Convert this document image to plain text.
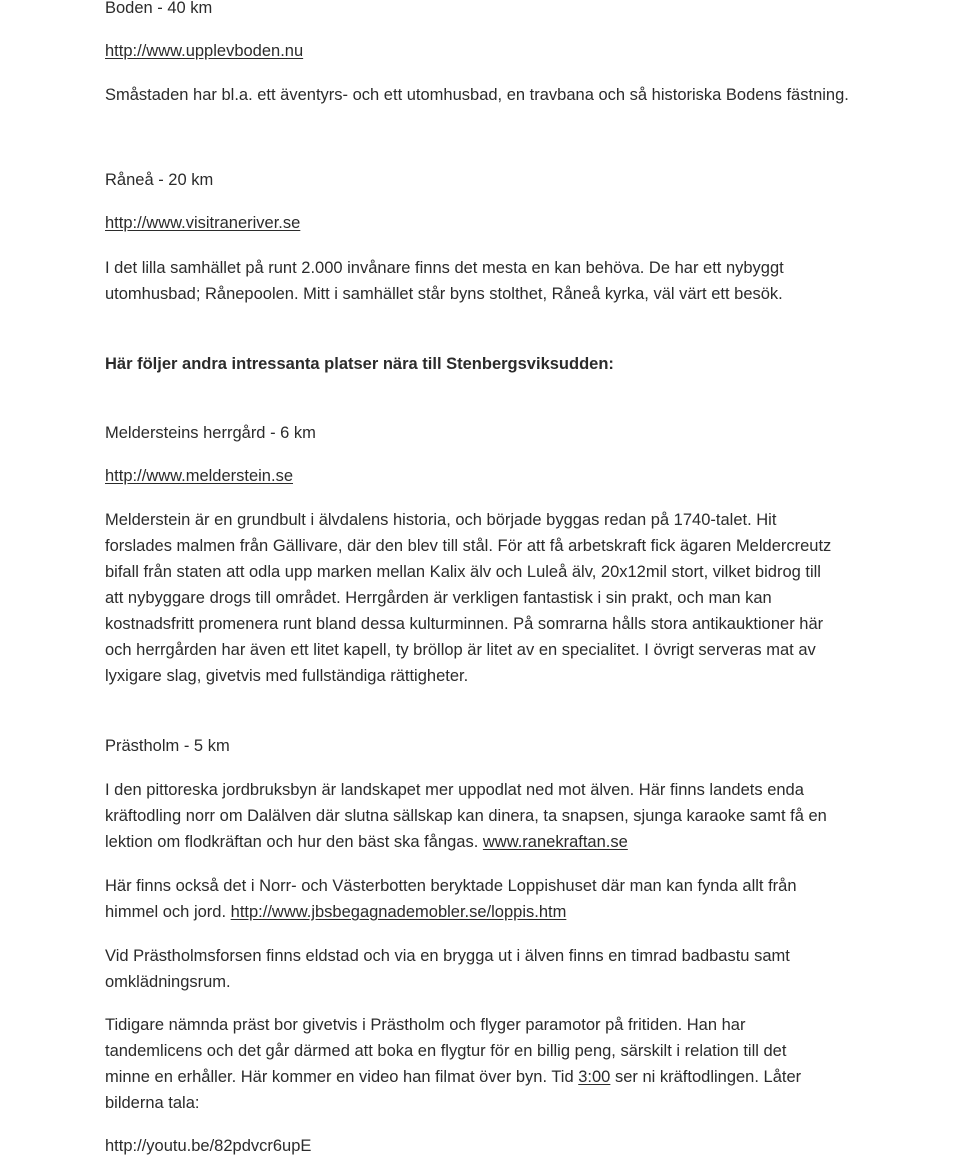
Boden - 40 km
http://www.upplevboden.nu
Småstaden har bl.a. ett äventyrs- och ett utomhusbad, en travbana och så historiska Bodens fästning.
Råneå - 20 km
http://www.visitraneriver.se
I det lilla samhället på runt 2.000 invånare finns det mesta en kan behöva. De har ett nybyggt
utomhusbad; Rånepoolen. Mitt i samhället står byns stolthet, Råneå kyrka, väl värt ett besök.
Här följer andra intressanta platser nära till Stenbergsviksudden:
Meldersteins herrgård - 6 km
http://www.melderstein.se
Melderstein är en grundbult i älvdalens historia, och började byggas redan på 1740-talet. Hit
forslades malmen från Gällivare, där den blev till stål. För att få arbetskraft fick ägaren Meldercreutz
bifall från staten att odla upp marken mellan Kalix älv och Luleå älv, 20x12mil stort, vilket bidrog till
att nybyggare drogs till området. Herrgården är verkligen fantastisk i sin prakt, och man kan
kostnadsfritt promenera runt bland dessa kulturminnen. På somrarna hålls stora antikauktioner här
och herrgården har även ett litet kapell, ty bröllop är litet av en specialitet. I övrigt serveras mat av
lyxigare slag, givetvis med fullständiga rättigheter.
Prästholm - 5 km
I den pittoreska jordbruksbyn är landskapet mer uppodlat ned mot älven. Här finns landets enda
kräftodling norr om Dalälven där slutna sällskap kan dinera, ta snapsen, sjunga karaoke samt få en
lektion om flodkräftan och hur den bäst ska fångas. www.ranekraftan.se
Här finns också det i Norr- och Västerbotten beryktade Loppishuset där man kan fynda allt från
himmel och jord. http://www.jbsbegagnademobler.se/loppis.htm
Vid Prästholmsforsen finns eldstad och via en brygga ut i älven finns en timrad badbastu samt
omklädningsrum.
Tidigare nämnda präst bor givetvis i Prästholm och flyger paramotor på fritiden. Han har
tandemlicens och det går därmed att boka en flygtur för en billig peng, särskilt i relation till det
minne en erhåller. Här kommer en video han filmat över byn. Tid 3:00 ser ni kräftodlingen. Låter
bilderna tala:
http://youtu.be/82pdvcr6upE
